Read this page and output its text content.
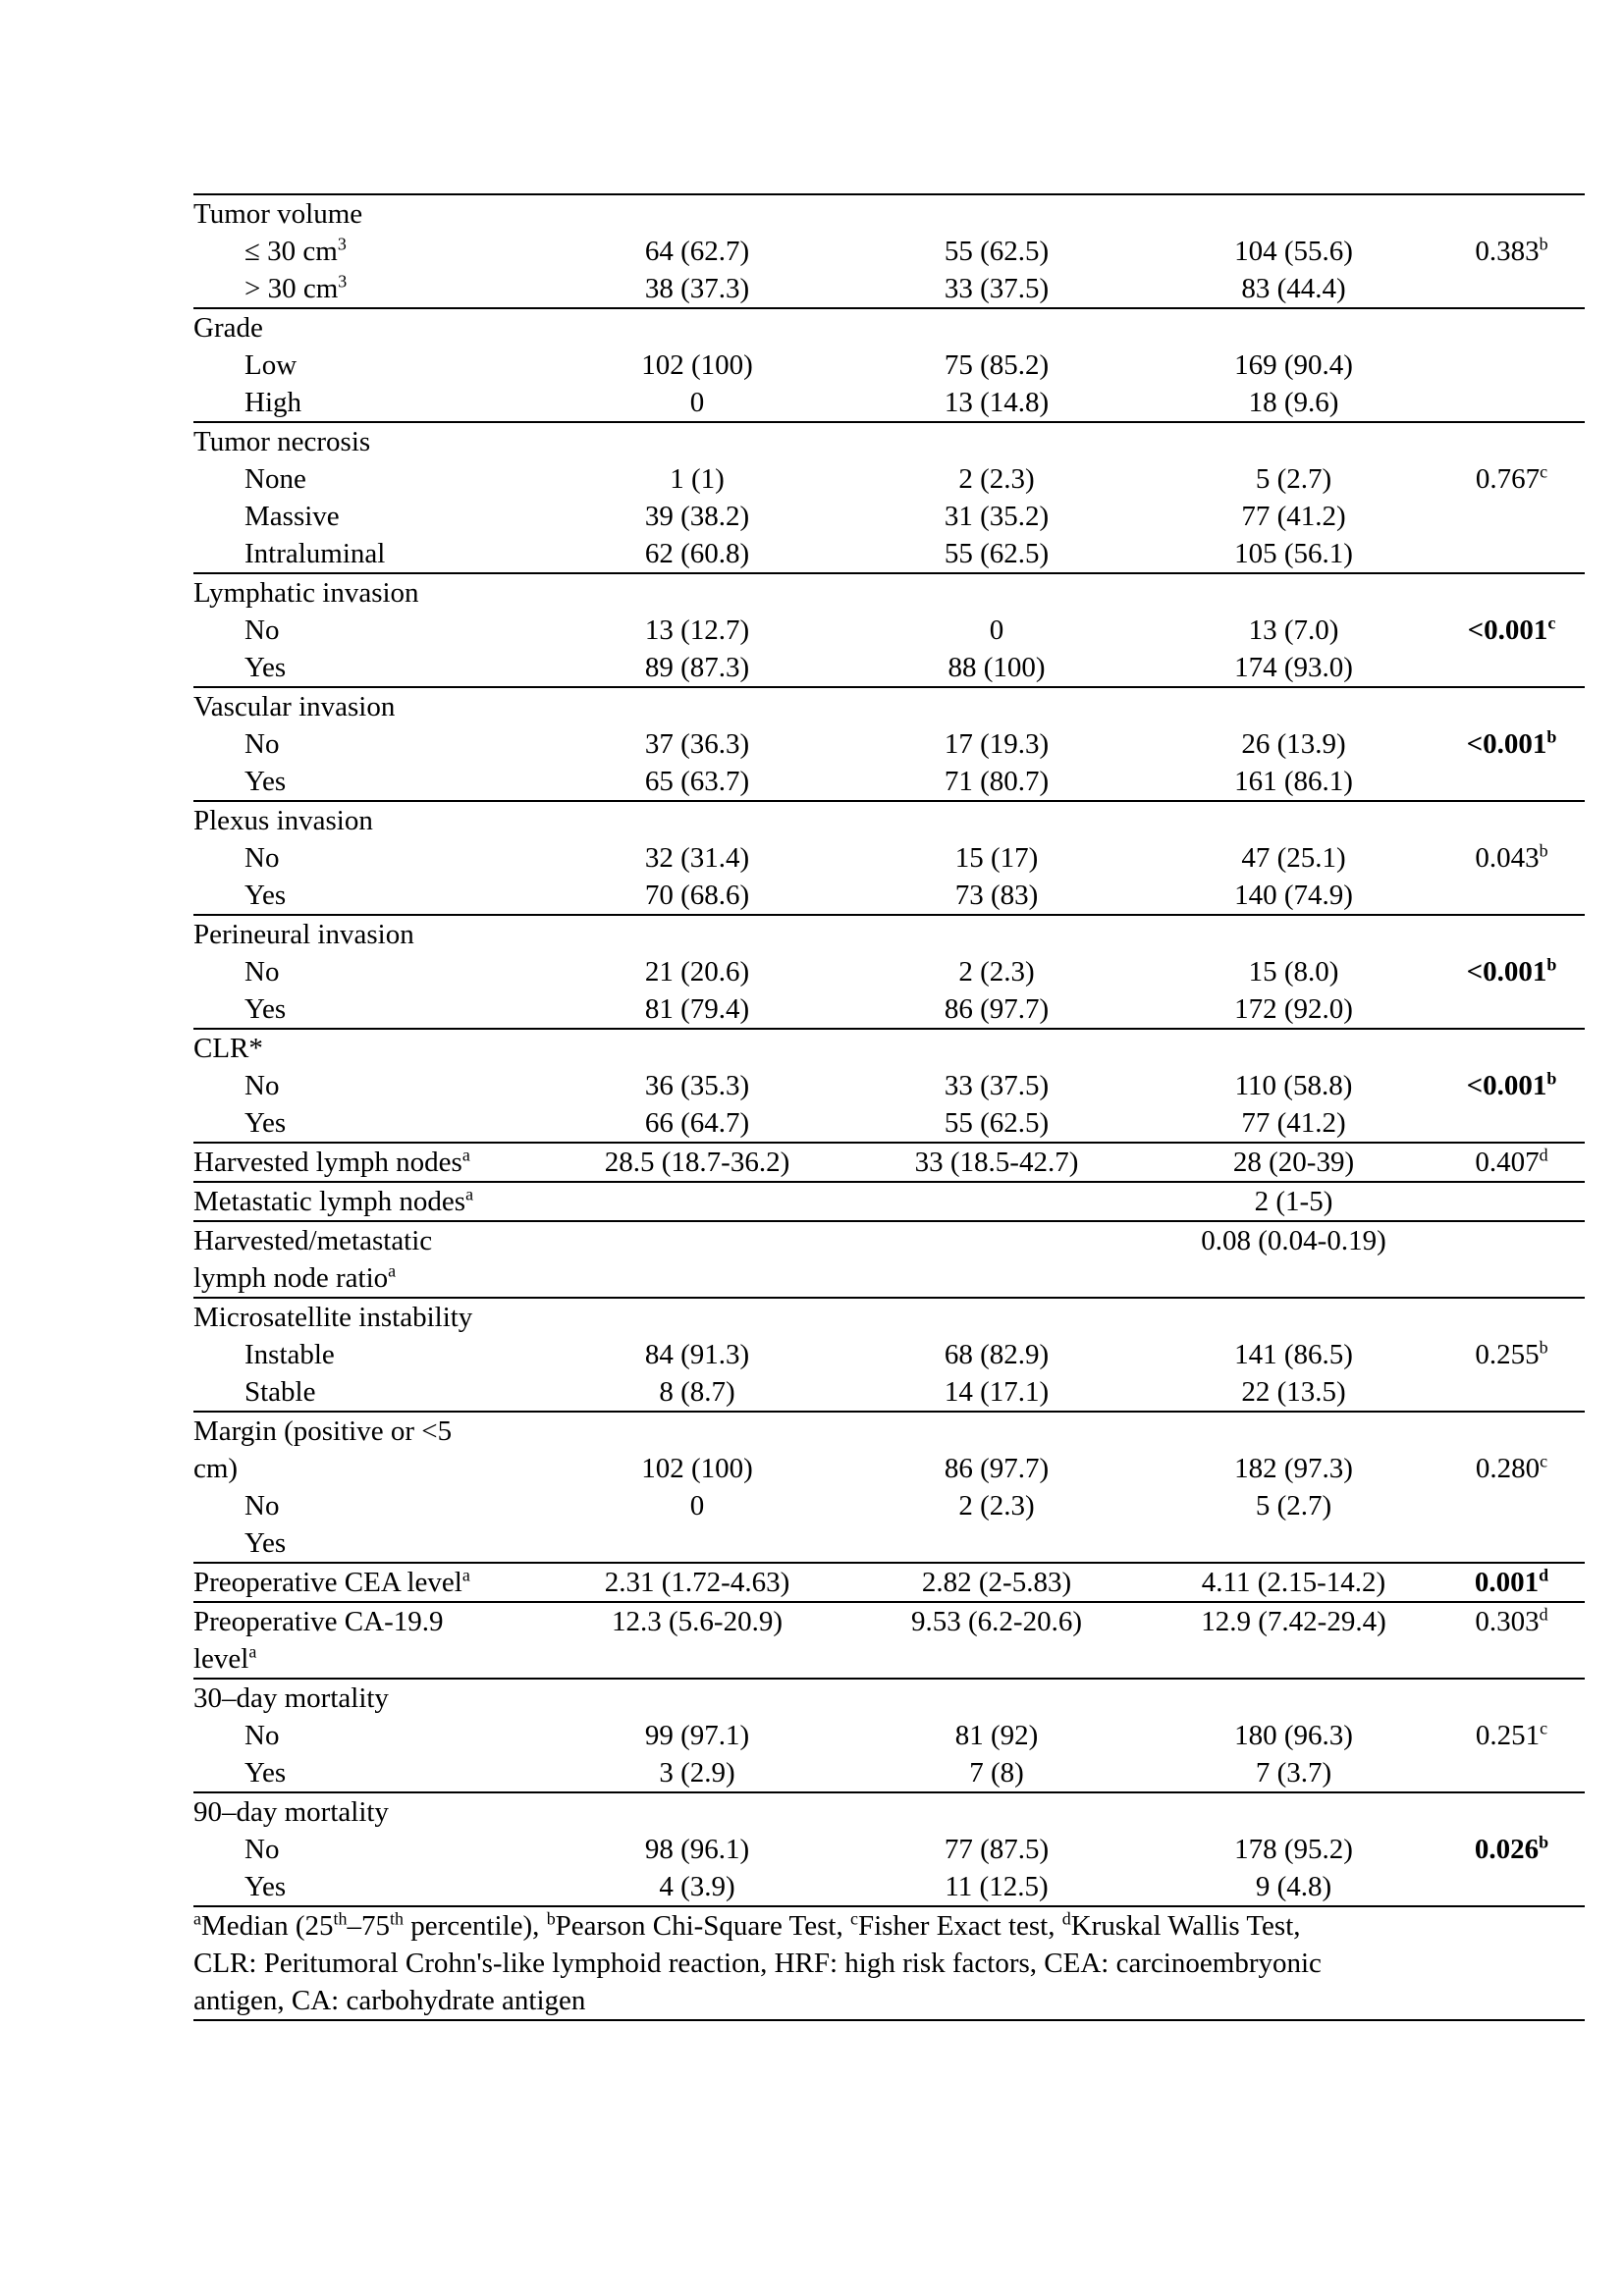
Tumor volume				
≤ 30 $cm^3$	64 (62.7)	55 (62.5)	104 (55.6)	0.383$^b$
> 30 $cm^3$	38 (37.3)	33 (37.5)	83 (44.4)	
Grade				
Low	102 (100)	75 (85.2)	169 (90.4)	
High	0	13 (14.8)	18 (9.6)	
Tumor necrosis				
None	1 (1)	2 (2.3)	5 (2.7)	0.767$^c$
Massive	39 (38.2)	31 (35.2)	77 (41.2)	
Intraluminal	62 (60.8)	55 (62.5)	105 (56.1)	
Lymphatic invasion				
No	13 (12.7)	0	13 (7.0)	<0.001$^c$
Yes	89 (87.3)	88 (100)	174 (93.0)	
Vascular invasion				
No	37 (36.3)	17 (19.3)	26 (13.9)	<0.001$^b$
Yes	65 (63.7)	71 (80.7)	161 (86.1)	
Plexus invasion				
No	32 (31.4)	15 (17)	47 (25.1)	0.043$^b$
Yes	70 (68.6)	73 (83)	140 (74.9)	
Perineural invasion				
No	21 (20.6)	2 (2.3)	15 (8.0)	<0.001$^b$
Yes	81 (79.4)	86 (97.7)	172 (92.0)	
CLR*				
No	36 (35.3)	33 (37.5)	110 (58.8)	<0.001$^b$
Yes	66 (64.7)	55 (62.5)	77 (41.2)	
Harvested lymph nodes$^a$	28.5 (18.7-36.2)	33 (18.5-42.7)	28 (20-39)	0.407$^d$
Metastatic lymph nodes$^a$			2 (1-5)	
Harvested/metastatic			0.08 (0.04-0.19)	
lymph node ratio$^a$				
Microsatellite instability				
Instable	84 (91.3)	68 (82.9)	141 (86.5)	0.255$^b$
Stable	8 (8.7)	14 (17.1)	22 (13.5)	
Margin (positive or <5				
cm)	102 (100)	86 (97.7)	182 (97.3)	0.280$^c$
No	0	2 (2.3)	5 (2.7)	
Yes				
Preoperative CEA level$^a$	2.31 (1.72-4.63)	2.82 (2-5.83)	4.11 (2.15-14.2)	0.001$^d$
Preoperative CA-19.9	12.3 (5.6-20.9)	9.53 (6.2-20.6)	12.9 (7.42-29.4)	0.303$^d$
level$^a$				
30–day mortality				
No	99 (97.1)	81 (92)	180 (96.3)	0.251$^c$
Yes	3 (2.9)	7 (8)	7 (3.7)	
90–day mortality				
No	98 (96.1)	77 (87.5)	178 (95.2)	0.026$^b$
Yes	4 (3.9)	11 (12.5)	9 (4.8)	

$^a$Median (25th–75th percentile), $^b$Pearson Chi-Square Test, $^c$Fisher Exact test, $^d$Kruskal Wallis Test,
CLR: Peritumoral Crohn's-like lymphoid reaction, HRF: high risk factors, CEA: carcinoembryonic
antigen, CA: carbohydrate antigen				
